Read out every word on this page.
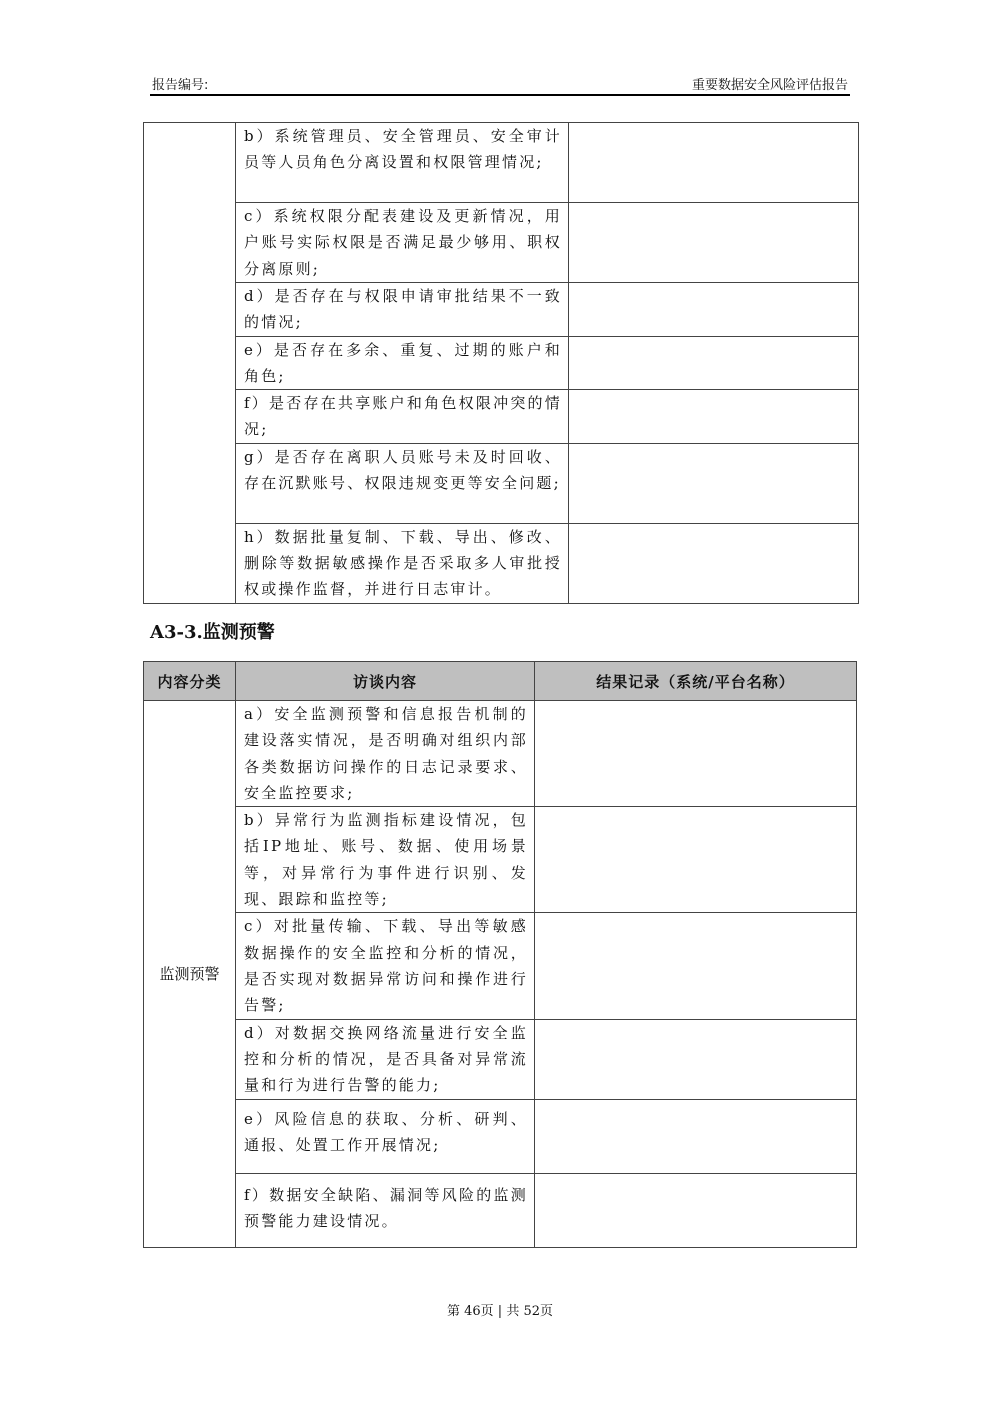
报告编号:	重要数据安全风险评估报告

	b）系统管理员、安全管理员、安全审计员等人员角色分离设置和权限管理情况;	

	c）系统权限分配表建设及更新情况，用户账号实际权限是否满足最少够用、职权分离原则;	

	d）是否存在与权限申请审批结果不一致的情况;	

	e）是否存在多余、重复、过期的账户和角色;	

	f）是否存在共享账户和角色权限冲突的情况;	

	g）是否存在离职人员账号未及时回收、存在沉默账号、权限违规变更等安全问题;	

	h）数据批量复制、下载、导出、修改、删除等数据敏感操作是否采取多人审批授权或操作监督，并进行日志审计。	

A3-3.监测预警
内容分类	访谈内容	结果记录（系统/平台名称）
监测预警	a）安全监测预警和信息报告机制的建设落实情况，是否明确对组织内部各类数据访问操作的日志记录要求、安全监控要求;	

	b）异常行为监测指标建设情况，包括IP地址、账号、数据、使用场景等，对异常行为事件进行识别、发现、跟踪和监控等;	

	c）对批量传输、下载、导出等敏感数据操作的安全监控和分析的情况，是否实现对数据异常访问和操作进行告警;	

	d）对数据交换网络流量进行安全监控和分析的情况，是否具备对异常流量和行为进行告警的能力;	

	e）风险信息的获取、分析、研判、通报、处置工作开展情况;	

	f）数据安全缺陷、漏洞等风险的监测预警能力建设情况。	

第 46页 | 共 52页
